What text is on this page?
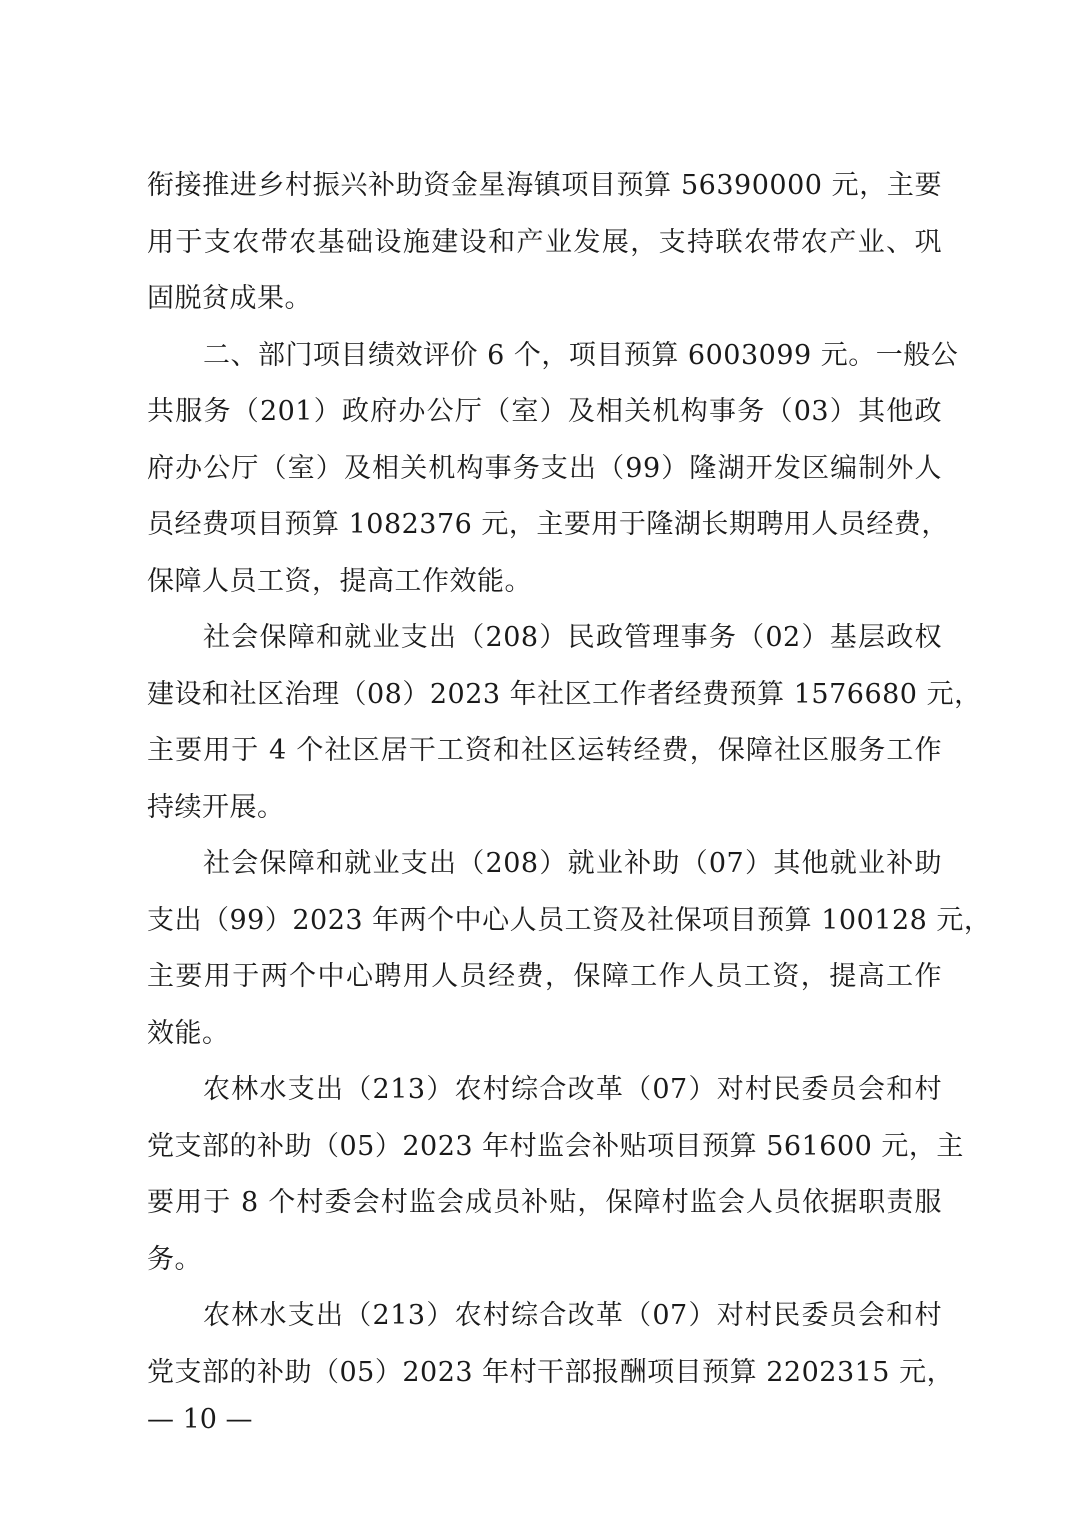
衔接推进乡村振兴补助资金星海镇项目预算 56390000 元，主要
用于支农带农基础设施建设和产业发展，支持联农带农产业、巩
固脱贫成果。
二、部门项目绩效评价 6 个，项目预算 6003099 元。一般公
共服务（201）政府办公厅（室）及相关机构事务（03）其他政
府办公厅（室）及相关机构事务支出（99）隆湖开发区编制外人
员经费项目预算 1082376 元，主要用于隆湖长期聘用人员经费，
保障人员工资，提高工作效能。
社会保障和就业支出（208）民政管理事务（02）基层政权
建设和社区治理（08）2023 年社区工作者经费预算 1576680 元，
主要用于 4 个社区居干工资和社区运转经费，保障社区服务工作
持续开展。
社会保障和就业支出（208）就业补助（07）其他就业补助
支出（99）2023 年两个中心人员工资及社保项目预算 100128 元，
主要用于两个中心聘用人员经费，保障工作人员工资，提高工作
效能。
农林水支出（213）农村综合改革（07）对村民委员会和村
党支部的补助（05）2023 年村监会补贴项目预算 561600 元，主
要用于 8 个村委会村监会成员补贴，保障村监会人员依据职责服
务。
农林水支出（213）农村综合改革（07）对村民委员会和村
党支部的补助（05）2023 年村干部报酬项目预算 2202315 元，
— 10 —
